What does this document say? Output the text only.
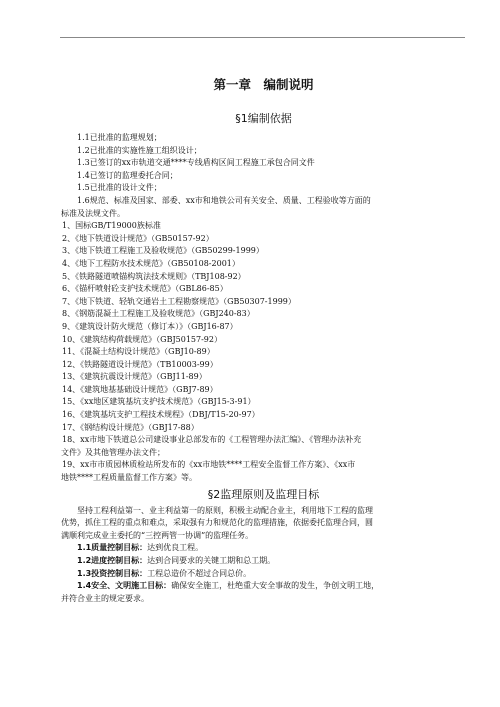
第一章　编制说明
§1编制依据
1.1已批准的监理规划；
1.2已批准的实施性施工组织设计；
1.3已签订的xx市轨道交通****专线盾构区间工程施工承包合同文件
1.4已签订的监理委托合同；
1.5已批准的设计文件；
1.6规范、标准及国家、部委、xx市和地铁公司有关安全、质量、工程验收等方面的
标准及法规文件。
1、国标GB/T19000族标准
2、《地下铁道设计规范》（GB50157-92）
3、《地下铁道工程施工及验收规范》（GB50299-1999）
4、《地下工程防水技术规范》（GB50108-2001）
5、《铁路隧道喷锚构筑法技术规则》（TBJ108-92）
6、《锚杆喷射砼支护技术规范》（GBL86-85）
7、《地下铁道、轻轨交通岩土工程勘察规范》（GB50307-1999）
8、《钢筋混凝土工程施工及验收规范》（GBJ240-83）
9、《建筑设计防火规范（修订本）》（GBJ16-87）
10、《建筑结构荷载规范》（GBJ50157-92）
11、《混凝土结构设计规范》（GBJ10-89）
12、《铁路隧道设计规范》（TB10003-99）
13、《建筑抗震设计规范》（GBJ11-89）
14、《建筑地基基础设计规范》（GBJ7-89）
15、《xx地区建筑基坑支护技术规范》（GBJ15-3-91）
16、《建筑基坑支护工程技术规程》（DBJ/T15-20-97）
17、《钢结构设计规范》（GBJ17-88）
18、xx市地下铁道总公司建设事业总部发布的《工程管理办法汇编》、《管理办法补充
文件》及其他管理办法文件；
19、xx市市质园林质检站所发布的《xx市地铁****工程安全监督工作方案》、《xx市
地铁****工程质量监督工作方案》等。
§2监理原则及监理目标
坚持工程利益第一、业主利益第一的原则，积极主动配合业主，利用地下工程的监理
优势，抓住工程的重点和难点，采取强有力和规范化的监理措施，依据委托监理合同，圆
满顺利完成业主委托的“三控两管一协调”的监理任务。
1.1质量控制目标：达到优良工程。
1.2进度控制目标：达到合同要求的关键工期和总工期。
1.3投资控制目标：工程总造价不超过合同总价。
1.4安全、文明施工目标：确保安全施工，杜绝重大安全事故的发生，争创文明工地，
并符合业主的规定要求。
